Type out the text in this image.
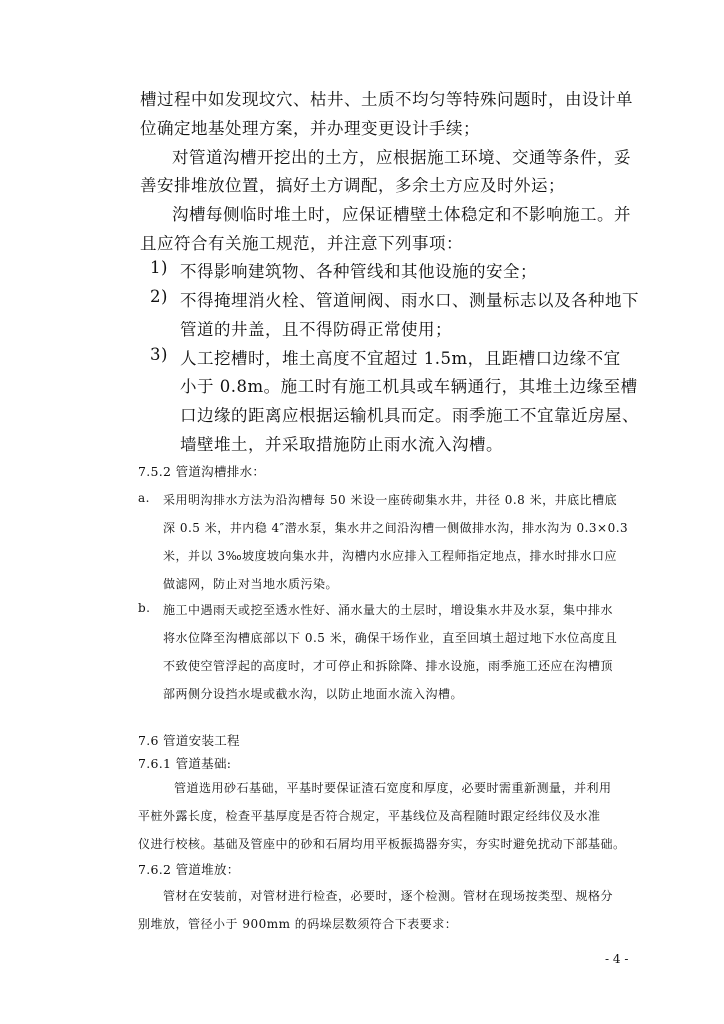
槽过程中如发现坟穴、枯井、土质不均匀等特殊问题时，由设计单
位确定地基处理方案，并办理变更设计手续；
对管道沟槽开挖出的土方，应根据施工环境、交通等条件，妥
善安排堆放位置，搞好土方调配，多余土方应及时外运；
沟槽每侧临时堆土时，应保证槽壁土体稳定和不影响施工。并
且应符合有关施工规范，并注意下列事项：
1) 不得影响建筑物、各种管线和其他设施的安全；
2) 不得掩埋消火栓、管道闸阀、雨水口、测量标志以及各种地下
管道的井盖，且不得防碍正常使用；
3) 人工挖槽时，堆土高度不宜超过 1.5m，且距槽口边缘不宜
小于 0.8m。施工时有施工机具或车辆通行，其堆土边缘至槽
口边缘的距离应根据运输机具而定。雨季施工不宜靠近房屋、
墙壁堆土，并采取措施防止雨水流入沟槽。
7.5.2 管道沟槽排水：
a. 采用明沟排水方法为沿沟槽每 50 米设一座砖砌集水井，井径 0.8 米，井底比槽底
深 0.5 米，井内稳 4″潜水泵，集水井之间沿沟槽一侧做排水沟，排水沟为 0.3×0.3
米，并以 3‰坡度坡向集水井，沟槽内水应排入工程师指定地点，排水时排水口应
做滤网，防止对当地水质污染。
b. 施工中遇雨天或挖至透水性好、涌水量大的土层时，增设集水井及水泵，集中排水
将水位降至沟槽底部以下 0.5 米，确保干场作业，直至回填土超过地下水位高度且
不致使空管浮起的高度时，才可停止和拆除降、排水设施，雨季施工还应在沟槽顶
部两侧分设挡水堤或截水沟，以防止地面水流入沟槽。
7.6 管道安装工程
7.6.1 管道基础:
管道选用砂石基础，平基时要保证渣石宽度和厚度，必要时需重新测量，并利用
平桩外露长度，检查平基厚度是否符合规定，平基线位及高程随时跟定经纬仪及水准
仪进行校核。基础及管座中的砂和石屑均用平板振捣器夯实，夯实时避免扰动下部基础。
7.6.2 管道堆放：
管材在安装前，对管材进行检查，必要时，逐个检测。管材在现场按类型、规格分
别堆放，管径小于 900mm 的码垛层数须符合下表要求：
- 4 -
